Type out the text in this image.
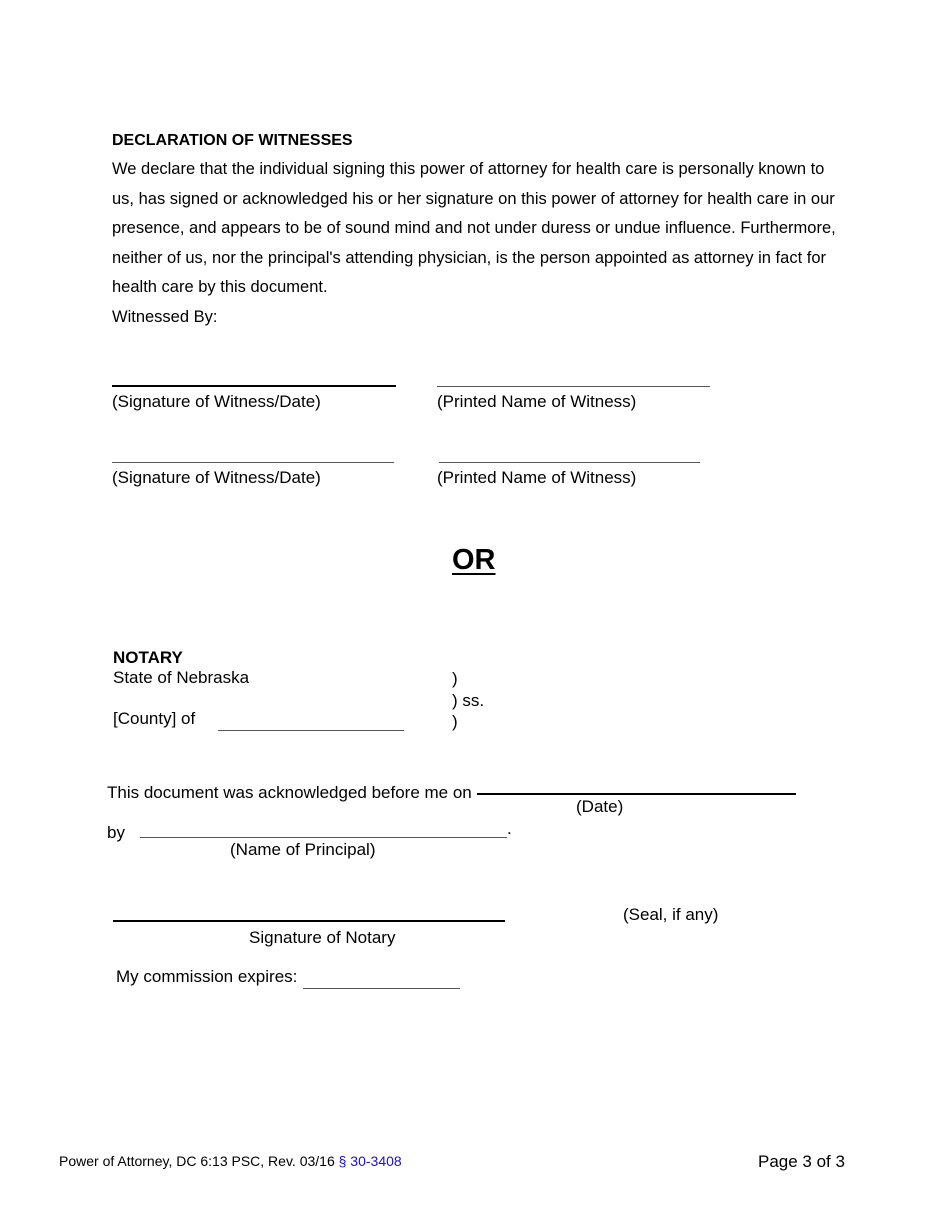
DECLARATION OF WITNESSES

We declare that the individual signing this power of attorney for health care is personally known to us, has signed or acknowledged his or her signature on this power of attorney for health care in our presence, and appears to be of sound mind and not under duress or undue influence. Furthermore, neither of us, nor the principal's attending physician, is the person appointed as attorney in fact for health care by this document.

Witnessed By:

(Signature of Witness/Date)	(Printed Name of Witness)
(Signature of Witness/Date)	(Printed Name of Witness)
OR
NOTARY
State of Nebraska
[County] of
)
) ss.
)
This document was acknowledged before me on
(Date)
by	.
(Name of Principal)
(Seal, if any)
Signature of Notary
My commission expires:
Power of Attorney, DC 6:13 PSC, Rev. 03/16 § 30-3408	Page 3 of 3
